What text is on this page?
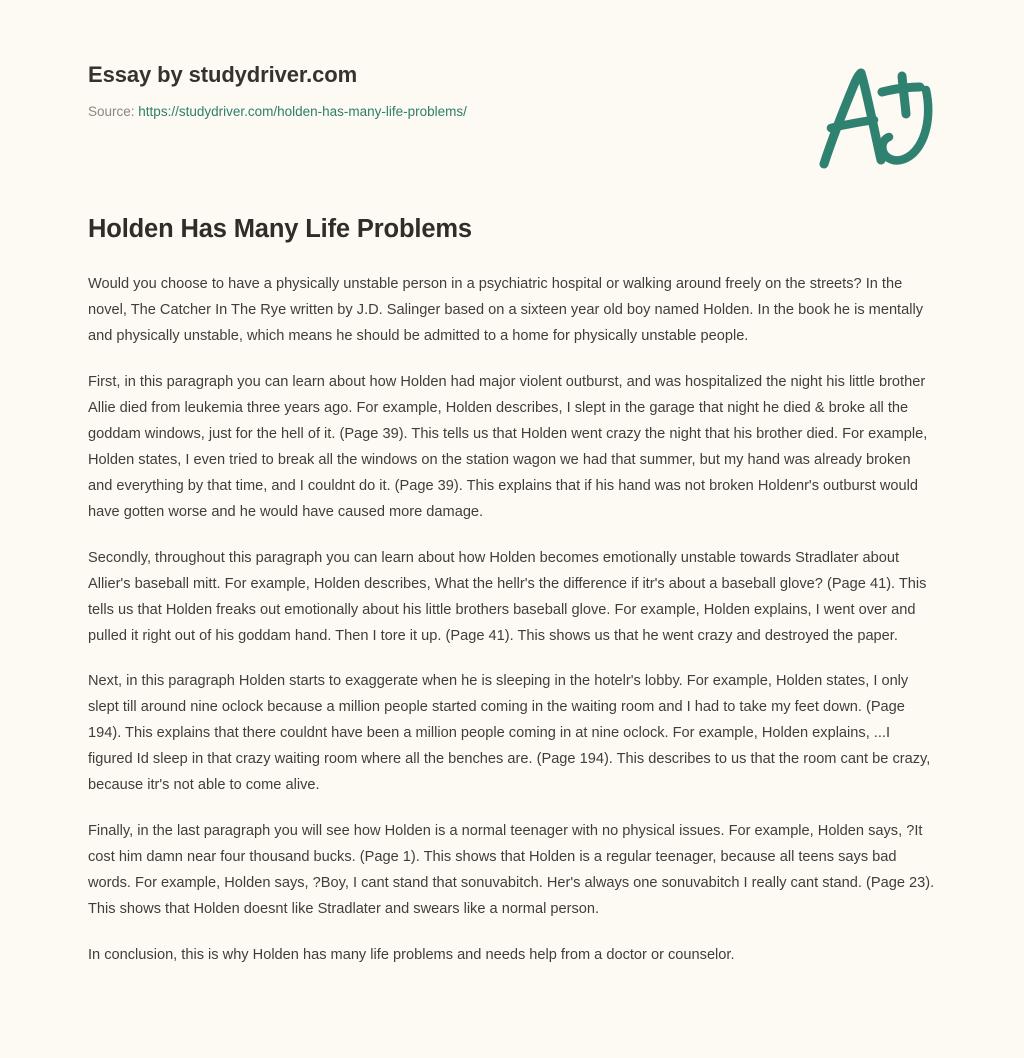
Essay by studydriver.com
Source: https://studydriver.com/holden-has-many-life-problems/
Holden Has Many Life Problems

Would you choose to have a physically unstable person in a psychiatric hospital or walking around freely on the streets? In the novel, The Catcher In The Rye written by J.D. Salinger based on a sixteen year old boy named Holden. In the book he is mentally and physically unstable, which means he should be admitted to a home for physically unstable people.

First, in this paragraph you can learn about how Holden had major violent outburst, and was hospitalized the night his little brother Allie died from leukemia three years ago. For example, Holden describes, I slept in the garage that night he died & broke all the goddam windows, just for the hell of it. (Page 39). This tells us that Holden went crazy the night that his brother died. For example, Holden states, I even tried to break all the windows on the station wagon we had that summer, but my hand was already broken and everything by that time, and I couldnt do it. (Page 39). This explains that if his hand was not broken Holdenr's outburst would have gotten worse and he would have caused more damage.

Secondly, throughout this paragraph you can learn about how Holden becomes emotionally unstable towards Stradlater about Allier's baseball mitt. For example, Holden describes, What the hellr's the difference if itr's about a baseball glove? (Page 41). This tells us that Holden freaks out emotionally about his little brothers baseball glove. For example, Holden explains, I went over and pulled it right out of his goddam hand. Then I tore it up. (Page 41). This shows us that he went crazy and destroyed the paper.

Next, in this paragraph Holden starts to exaggerate when he is sleeping in the hotelr's lobby. For example, Holden states, I only slept till around nine oclock because a million people started coming in the waiting room and I had to take my feet down. (Page 194). This explains that there couldnt have been a million people coming in at nine oclock. For example, Holden explains, ...I figured Id sleep in that crazy waiting room where all the benches are. (Page 194). This describes to us that the room cant be crazy, because itr's not able to come alive.

Finally, in the last paragraph you will see how Holden is a normal teenager with no physical issues. For example, Holden says, ?It cost him damn near four thousand bucks. (Page 1). This shows that Holden is a regular teenager, because all teens says bad words. For example, Holden says, ?Boy, I cant stand that sonuvabitch. Her's always one sonuvabitch I really cant stand. (Page 23). This shows that Holden doesnt like Stradlater and swears like a normal person.

In conclusion, this is why Holden has many life problems and needs help from a doctor or counselor.
